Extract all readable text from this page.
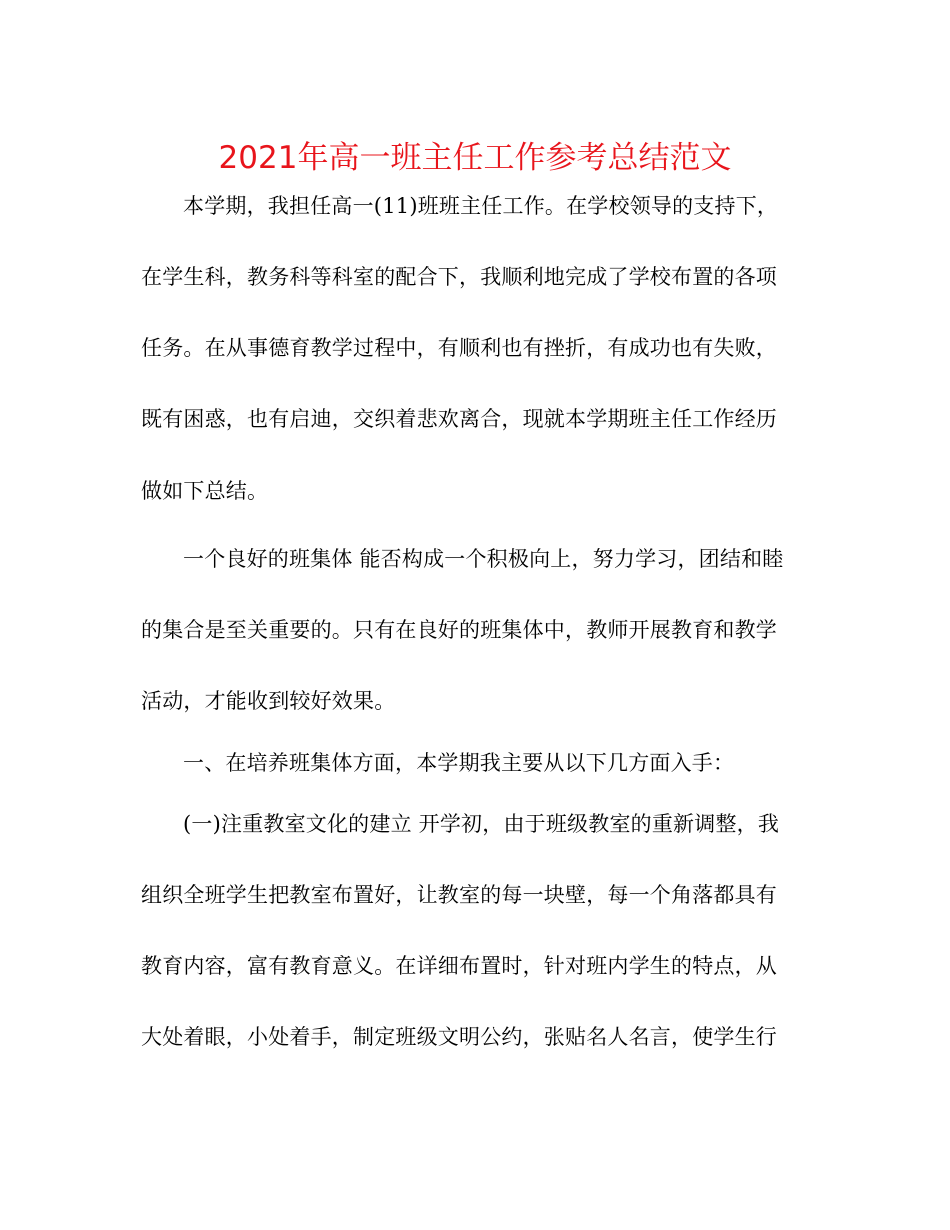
2021年高一班主任工作参考总结范文
本学期，我担任高一(11)班班主任工作。在学校领导的支持下，
在学生科，教务科等科室的配合下，我顺利地完成了学校布置的各项
任务。在从事德育教学过程中，有顺利也有挫折，有成功也有失败，
既有困惑，也有启迪，交织着悲欢离合，现就本学期班主任工作经历
做如下总结。
一个良好的班集体 能否构成一个积极向上，努力学习，团结和睦
的集合是至关重要的。只有在良好的班集体中，教师开展教育和教学
活动，才能收到较好效果。
一、在培养班集体方面，本学期我主要从以下几方面入手：
(一)注重教室文化的建立 开学初，由于班级教室的重新调整，我
组织全班学生把教室布置好，让教室的每一块壁，每一个角落都具有
教育内容，富有教育意义。在详细布置时，针对班内学生的特点，从
大处着眼，小处着手，制定班级文明公约，张贴名人名言，使学生行
